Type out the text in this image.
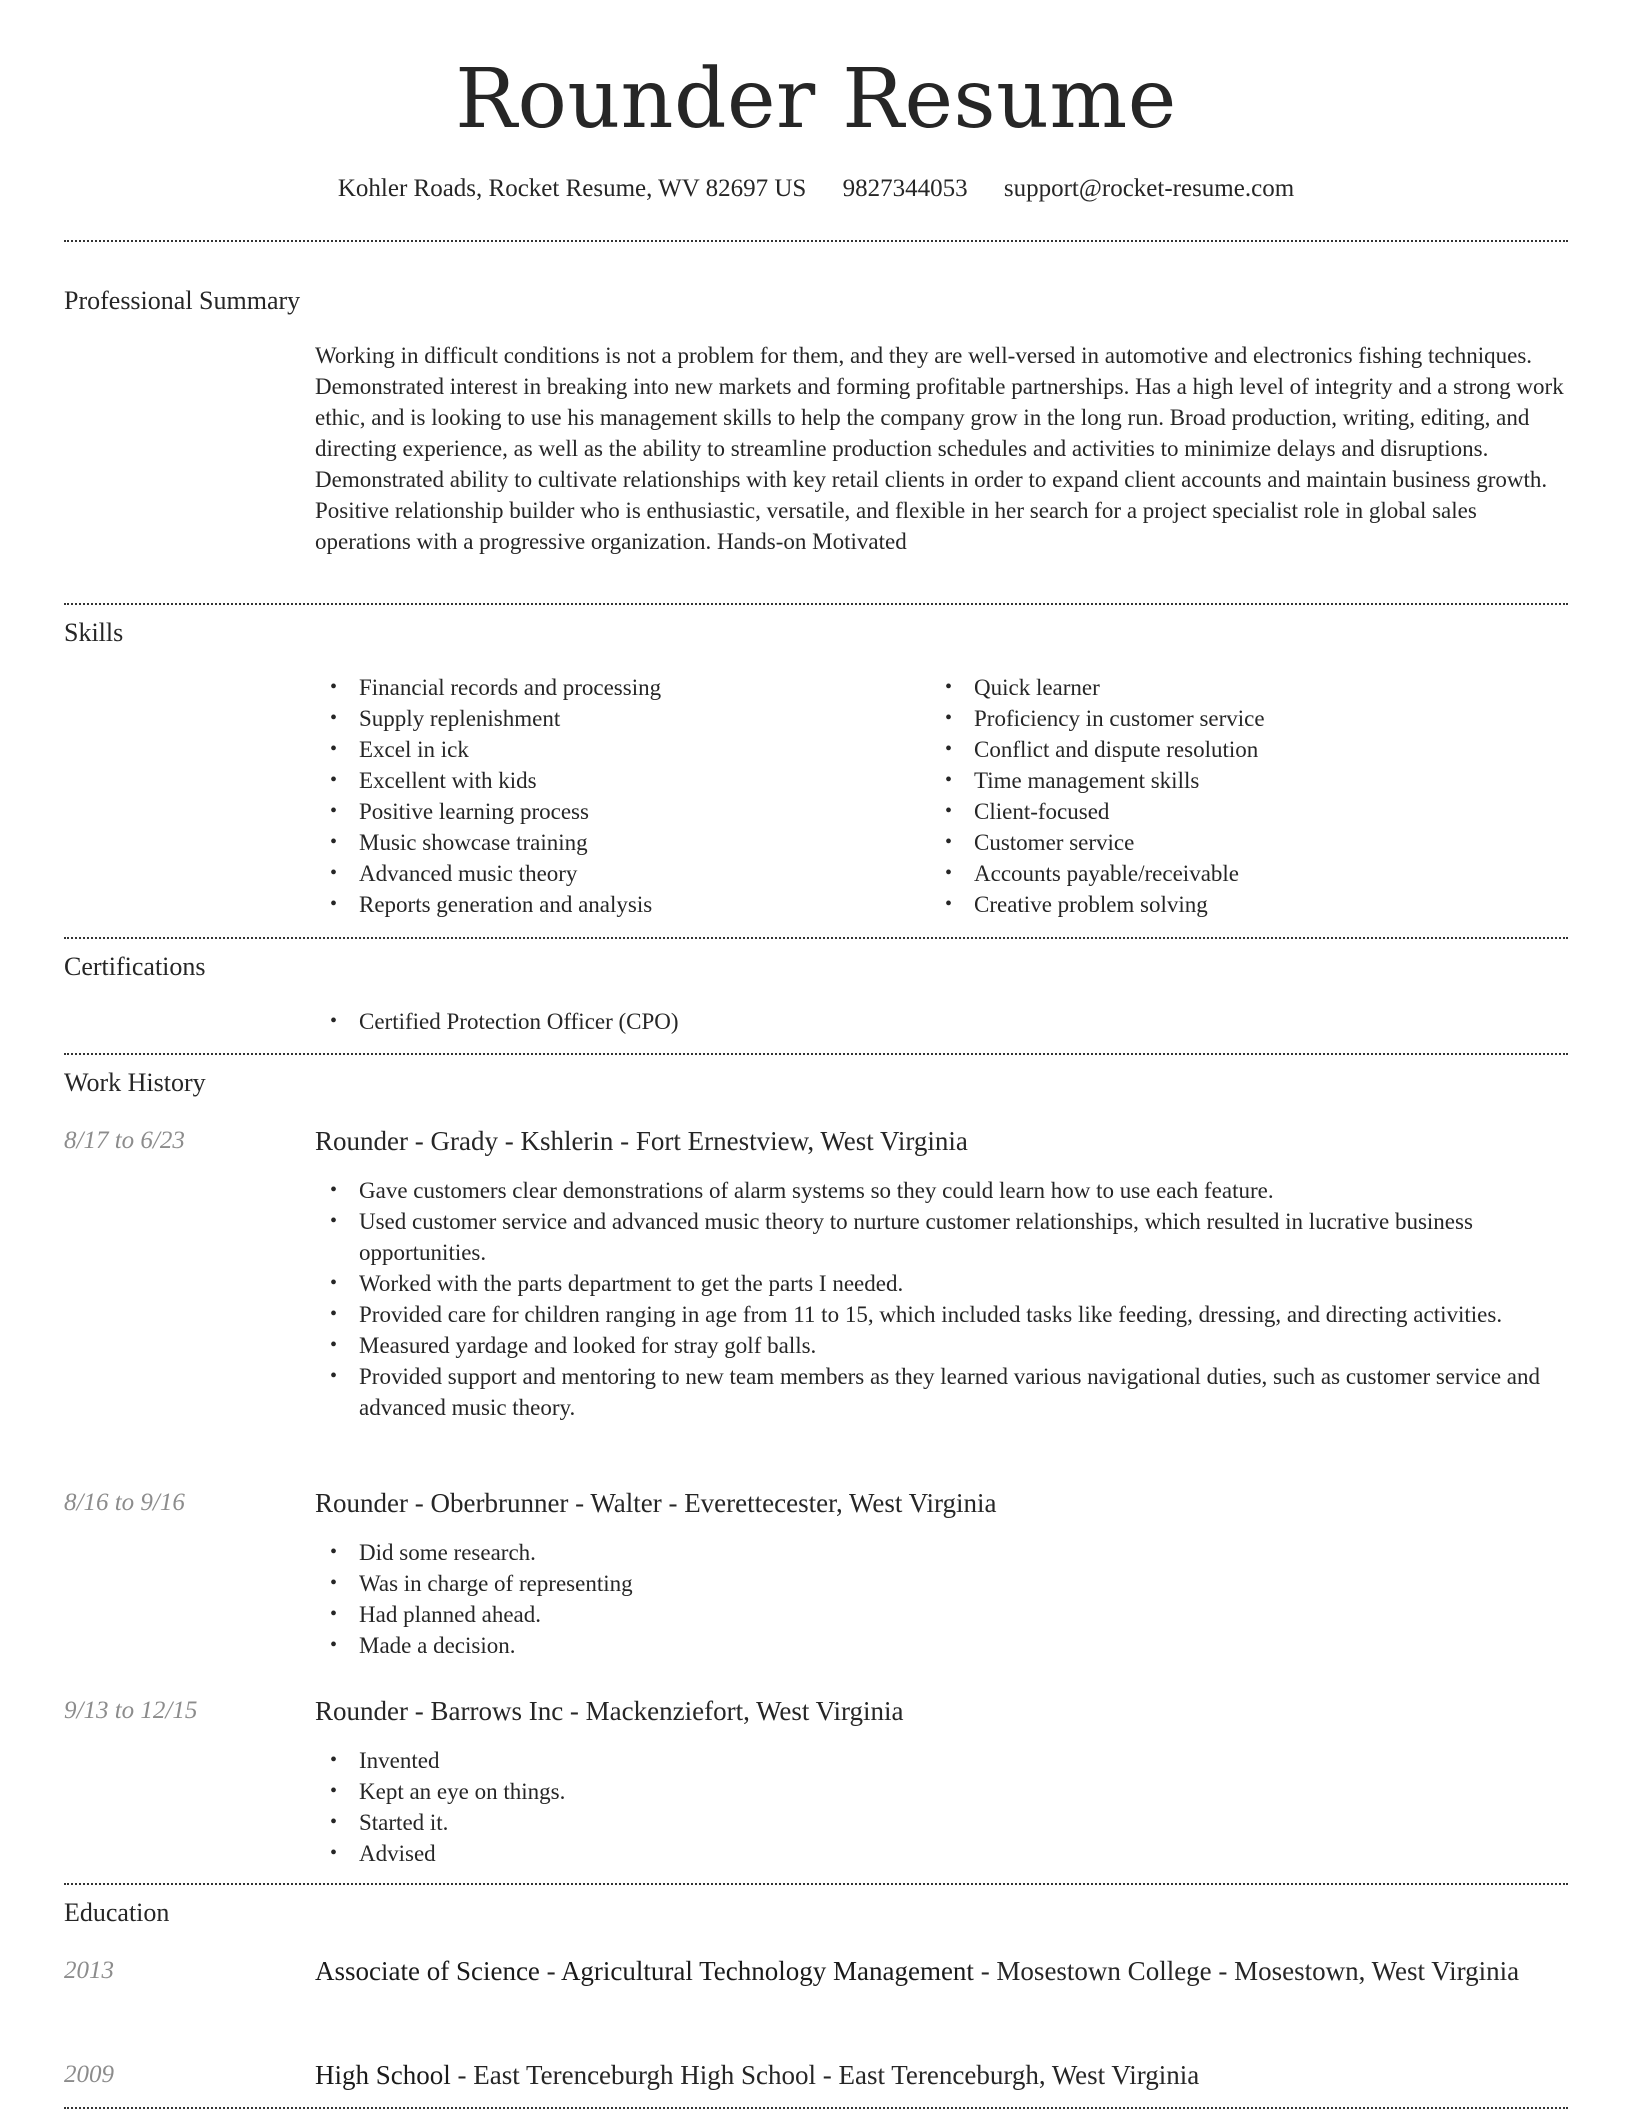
Rounder Resume
Kohler Roads, Rocket Resume, WV 82697 US 9827344053 support@rocket-resume.com
Professional Summary
Working in difficult conditions is not a problem for them, and they are well-versed in automotive and electronics fishing techniques. Demonstrated interest in breaking into new markets and forming profitable partnerships. Has a high level of integrity and a strong work ethic, and is looking to use his management skills to help the company grow in the long run. Broad production, writing, editing, and directing experience, as well as the ability to streamline production schedules and activities to minimize delays and disruptions. Demonstrated ability to cultivate relationships with key retail clients in order to expand client accounts and maintain business growth. Positive relationship builder who is enthusiastic, versatile, and flexible in her search for a project specialist role in global sales operations with a progressive organization. Hands-on Motivated
Skills
• Financial records and processing
• Supply replenishment
• Excel in ick
• Excellent with kids
• Positive learning process
• Music showcase training
• Advanced music theory
• Reports generation and analysis
• Quick learner
• Proficiency in customer service
• Conflict and dispute resolution
• Time management skills
• Client-focused
• Customer service
• Accounts payable/receivable
• Creative problem solving
Certifications
• Certified Protection Officer (CPO)
Work History
8/17 to 6/23	Rounder - Grady - Kshlerin - Fort Ernestview, West Virginia
• Gave customers clear demonstrations of alarm systems so they could learn how to use each feature.
• Used customer service and advanced music theory to nurture customer relationships, which resulted in lucrative business opportunities.
• Worked with the parts department to get the parts I needed.
• Provided care for children ranging in age from 11 to 15, which included tasks like feeding, dressing, and directing activities.
• Measured yardage and looked for stray golf balls.
• Provided support and mentoring to new team members as they learned various navigational duties, such as customer service and advanced music theory.
8/16 to 9/16	Rounder - Oberbrunner - Walter - Everettecester, West Virginia
• Did some research.
• Was in charge of representing
• Had planned ahead.
• Made a decision.
9/13 to 12/15	Rounder - Barrows Inc - Mackenziefort, West Virginia
• Invented
• Kept an eye on things.
• Started it.
• Advised
Education
2013	Associate of Science - Agricultural Technology Management - Mosestown College - Mosestown, West Virginia
2009	High School - East Terenceburgh High School - East Terenceburgh, West Virginia
